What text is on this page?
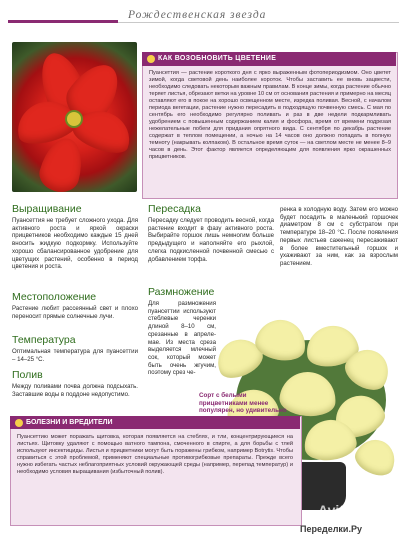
Рождественская звезда
Пуансеттия — растение короткого дня с ярко выраженным фотопериодизмом. Оно цветет зимой, когда световой день наиболее короток. Чтобы заставить ее вновь зацвести, необходимо следовать некоторым важным правилам. В конце зимы, когда растение обычно теряет листья, обрезают ветки на уровне 10 см от основания растения и примерно на месяц оставляют его в покое на хорошо освещенном месте, изредка поливая. Весной, с началом периода вегетации, растение нужно пересадить в подходящую почвенную смесь. С мая по сентябрь его необходимо регулярно поливать и раз в две недели подкармливать удобрением с повышенным содержанием калия и фосфора, время от времени подрезая нежелательные побеги для придания опрятного вида. С сентября по декабрь растение содержат в теплом помещении, а ночью на 14 часов оно должно попадать в полную темноту (накрывать колпаком). В остальное время суток — на светлом месте не менее 8–9 часов в день. Этот фактор является определяющим для появления ярко окрашенных прицветников.
КАК ВОЗОБНОВИТЬ ЦВЕТЕНИЕ
Выращивание
Пуансеттия не требует сложного ухода. Для активного роста и яркой окраски прицветников необходимо каждые 15 дней вносить жидкую подкормку. Используйте хорошо сбалансированное удобрение для цветущих растений, особенно в период цветения и роста.
Местоположение
Растение любит рассеянный свет и плохо переносит прямые солнечные лучи.
Температура
Оптимальная температура для пуансеттии – 14–25 °С.
Полив
Между поливами почва должна подсыхать. Заставшие воды в поддоне недопустимо.
Пересадка
Пересадку следует проводить весной, когда растение входит в фазу активного роста. Выбирайте горшок лишь немногим больше предыдущего и наполняйте его рыхлой, слегка подкисленной почвенной смесью с добавлением торфа.
Размножение
Для размножения пуансеттии используют стеблевые черенки длиной 8–10 см, срезанные в апреле-мае. Из места среза выделяется млечный сок, который может быть очень жгучим, поэтому срез че-
ренка в холодную воду. Затем его можно будет посадить в маленький горшочек диаметром 8 см с субстратом при температуре 18–20 °С. После появления первых листьев саженец пересаживают в более вместительный горшок и ухаживают за ним, как за взрослым растением.
Сорт с белыми прицветниками менее популярен, но удивительно
Пуансеттию может поражать щитовка, которая появляется на стеблях, и тли, концентрирующиеся на листьях. Щитовку удаляют с помощью ватного тампона, смоченного в спирте, а для борьбы с тлей используют инсектициды. Листья и прицветники могут быть поражены грибком, например Botrytis. Чтобы справиться с этой проблемой, применяют специальные противогрибковые препараты. Прежде всего нужно избегать частых неблагоприятных условий окружающей среды (например, перепад температур) и необходимо условия выращивания (избыточный полив).
БОЛЕЗНИ И ВРЕДИТЕЛИ
Avito
Переделки.Ру
